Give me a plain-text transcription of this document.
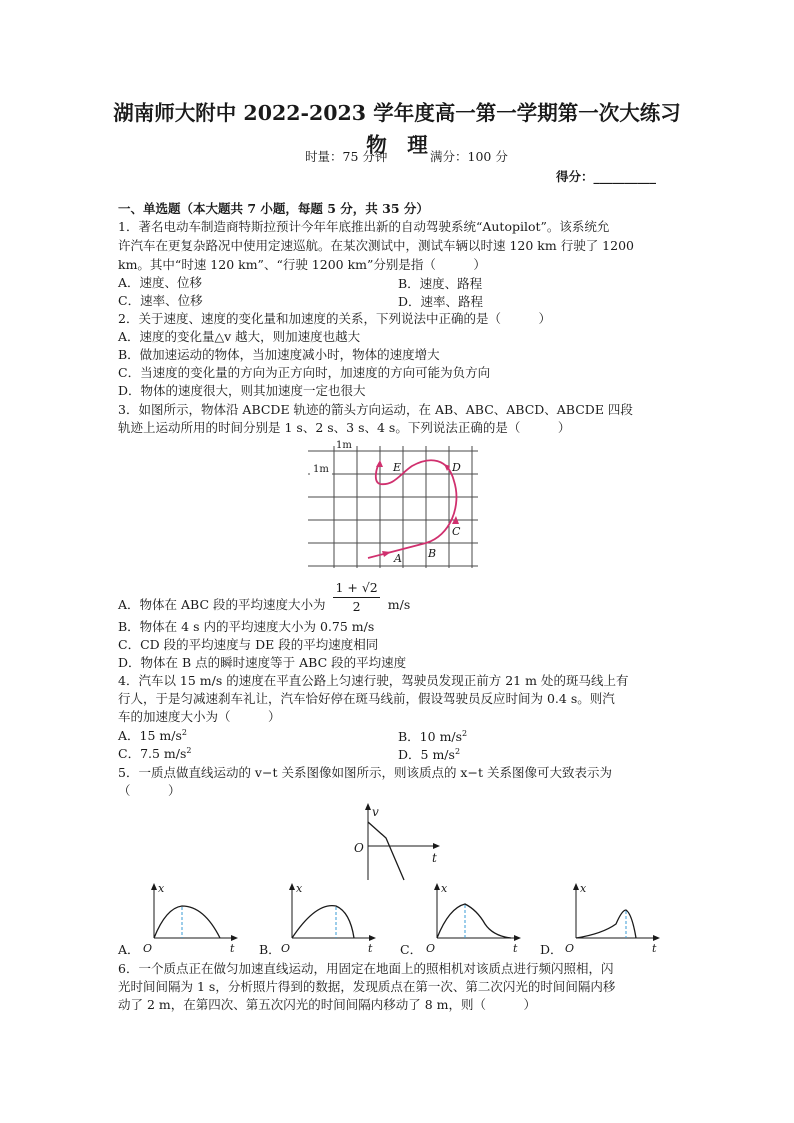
湖南师大附中 2022-2023 学年度高一第一学期第一次大练习
物　理
时量：75 分钟	满分：100 分
得分：__________
一、单选题（本大题共 7 小题，每题 5 分，共 35 分）
1．著名电动车制造商特斯拉预计今年年底推出新的自动驾驶系统“Autopilot”。该系统允
许汽车在更复杂路况中使用定速巡航。在某次测试中，测试车辆以时速 120 km 行驶了 1200
km。其中“时速 120 km”、“行驶 1200 km”分别是指（　　　）
A．速度、位移	B．速度、路程
C．速率、位移	D．速率、路程
2．关于速度、速度的变化量和加速度的关系，下列说法中正确的是（　　　）
A．速度的变化量△v 越大，则加速度也越大
B．做加速运动的物体，当加速度减小时，物体的速度增大
C．当速度的变化量的方向为正方向时，加速度的方向可能为负方向
D．物体的速度很大，则其加速度一定也很大
3．如图所示，物体沿 ABCDE 轨迹的箭头方向运动，在 AB、ABC、ABCD、ABCDE 四段
轨迹上运动所用的时间分别是 1 s、2 s、3 s、4 s。下列说法正确的是（　　　）
1m
1m
A B
C
D
E
A．物体在 ABC 段的平均速度大小为 $\frac{1 + √2}{2} m/s$
B．物体在 4 s 内的平均速度大小为 0.75 m/s
C．CD 段的平均速度与 DE 段的平均速度相同
D．物体在 B 点的瞬时速度等于 ABC 段的平均速度
4．汽车以 15 m/s 的速度在平直公路上匀速行驶，驾驶员发现正前方 21 m 处的斑马线上有
行人，于是匀减速刹车礼让，汽车恰好停在斑马线前，假设驾驶员反应时间为 0.4 s。则汽
车的加速度大小为（　　　）
A．15 $m/s^2$	B．10 $m/s^2$
C．7.5 $m/s^2$	D．5 $m/s^2$
5．一质点做直线运动的 v−t 关系图像如图所示，则该质点的 x−t 关系图像可大致表示为
（　　　）
v
t
O
A．
x
t
O	B．
x
t
O	C．
x
t
O	D．
x
t
O
6．一个质点正在做匀加速直线运动，用固定在地面上的照相机对该质点进行频闪照相，闪
光时间间隔为 1 s，分析照片得到的数据，发现质点在第一次、第二次闪光的时间间隔内移
动了 2 m，在第四次、第五次闪光的时间间隔内移动了 8 m，则（　　　）
